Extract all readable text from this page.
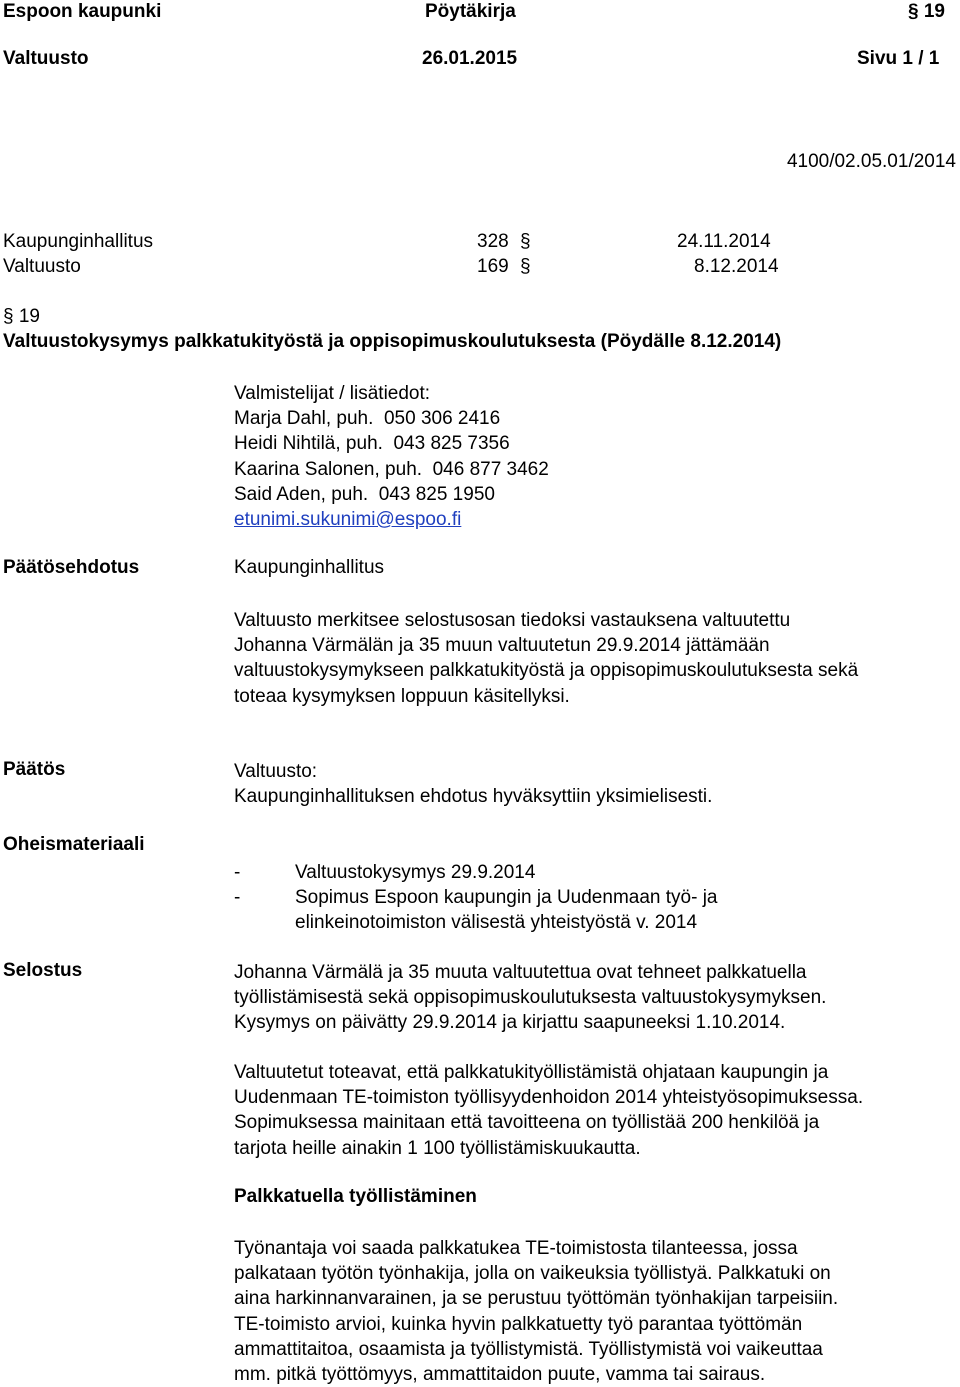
Espoon kaupunki	Pöytäkirja	§ 19
Valtuusto	26.01.2015	Sivu 1 / 1
4100/02.05.01/2014
Kaupunginhallitus	328 §	24.11.2014
Valtuusto	169 §	8.12.2014
§ 19
Valtuustokysymys palkkatukityöstä ja oppisopimuskoulutuksesta (Pöydälle 8.12.2014)
Valmistelijat / lisätiedot:
Marja Dahl, puh.  050 306 2416
Heidi Nihtilä, puh.  043 825 7356
Kaarina Salonen, puh.  046 877 3462
Said Aden, puh.  043 825 1950
etunimi.sukunimi@espoo.fi
Päätösehdotus	Kaupunginhallitus
Valtuusto merkitsee selostusosan tiedoksi vastauksena valtuutettu
Johanna Värmälän ja 35 muun valtuutetun 29.9.2014 jättämään
valtuustokysymykseen palkkatukityöstä ja oppisopimuskoulutuksesta sekä
toteaa kysymyksen loppuun käsitellyksi.
Päätös	Valtuusto:
Kaupunginhallituksen ehdotus hyväksyttiin yksimielisesti.
Oheismateriaali
-	Valtuustokysymys 29.9.2014
-	Sopimus Espoon kaupungin ja Uudenmaan työ- ja
elinkeinotoimiston välisestä yhteistyöstä v. 2014
Selostus	Johanna Värmälä ja 35 muuta valtuutettua ovat tehneet palkkatuella
työllistämisestä sekä oppisopimuskoulutuksesta valtuustokysymyksen.
Kysymys on päivätty 29.9.2014 ja kirjattu saapuneeksi 1.10.2014.
Valtuutetut toteavat, että palkkatukityöllistämistä ohjataan kaupungin ja
Uudenmaan TE-toimiston työllisyydenhoidon 2014 yhteistyösopimuksessa.
Sopimuksessa mainitaan että tavoitteena on työllistää 200 henkilöä ja
tarjota heille ainakin 1 100 työllistämiskuukautta.
Palkkatuella työllistäminen
Työnantaja voi saada palkkatukea TE-toimistosta tilanteessa, jossa
palkataan työtön työnhakija, jolla on vaikeuksia työllistyä. Palkkatuki on
aina harkinnanvarainen, ja se perustuu työttömän työnhakijan tarpeisiin.
TE-toimisto arvioi, kuinka hyvin palkkatuetty työ parantaa työttömän
ammattitaitoa, osaamista ja työllistymistä. Työllistymistä voi vaikeuttaa
mm. pitkä työttömyys, ammattitaidon puute, vamma tai sairaus.
